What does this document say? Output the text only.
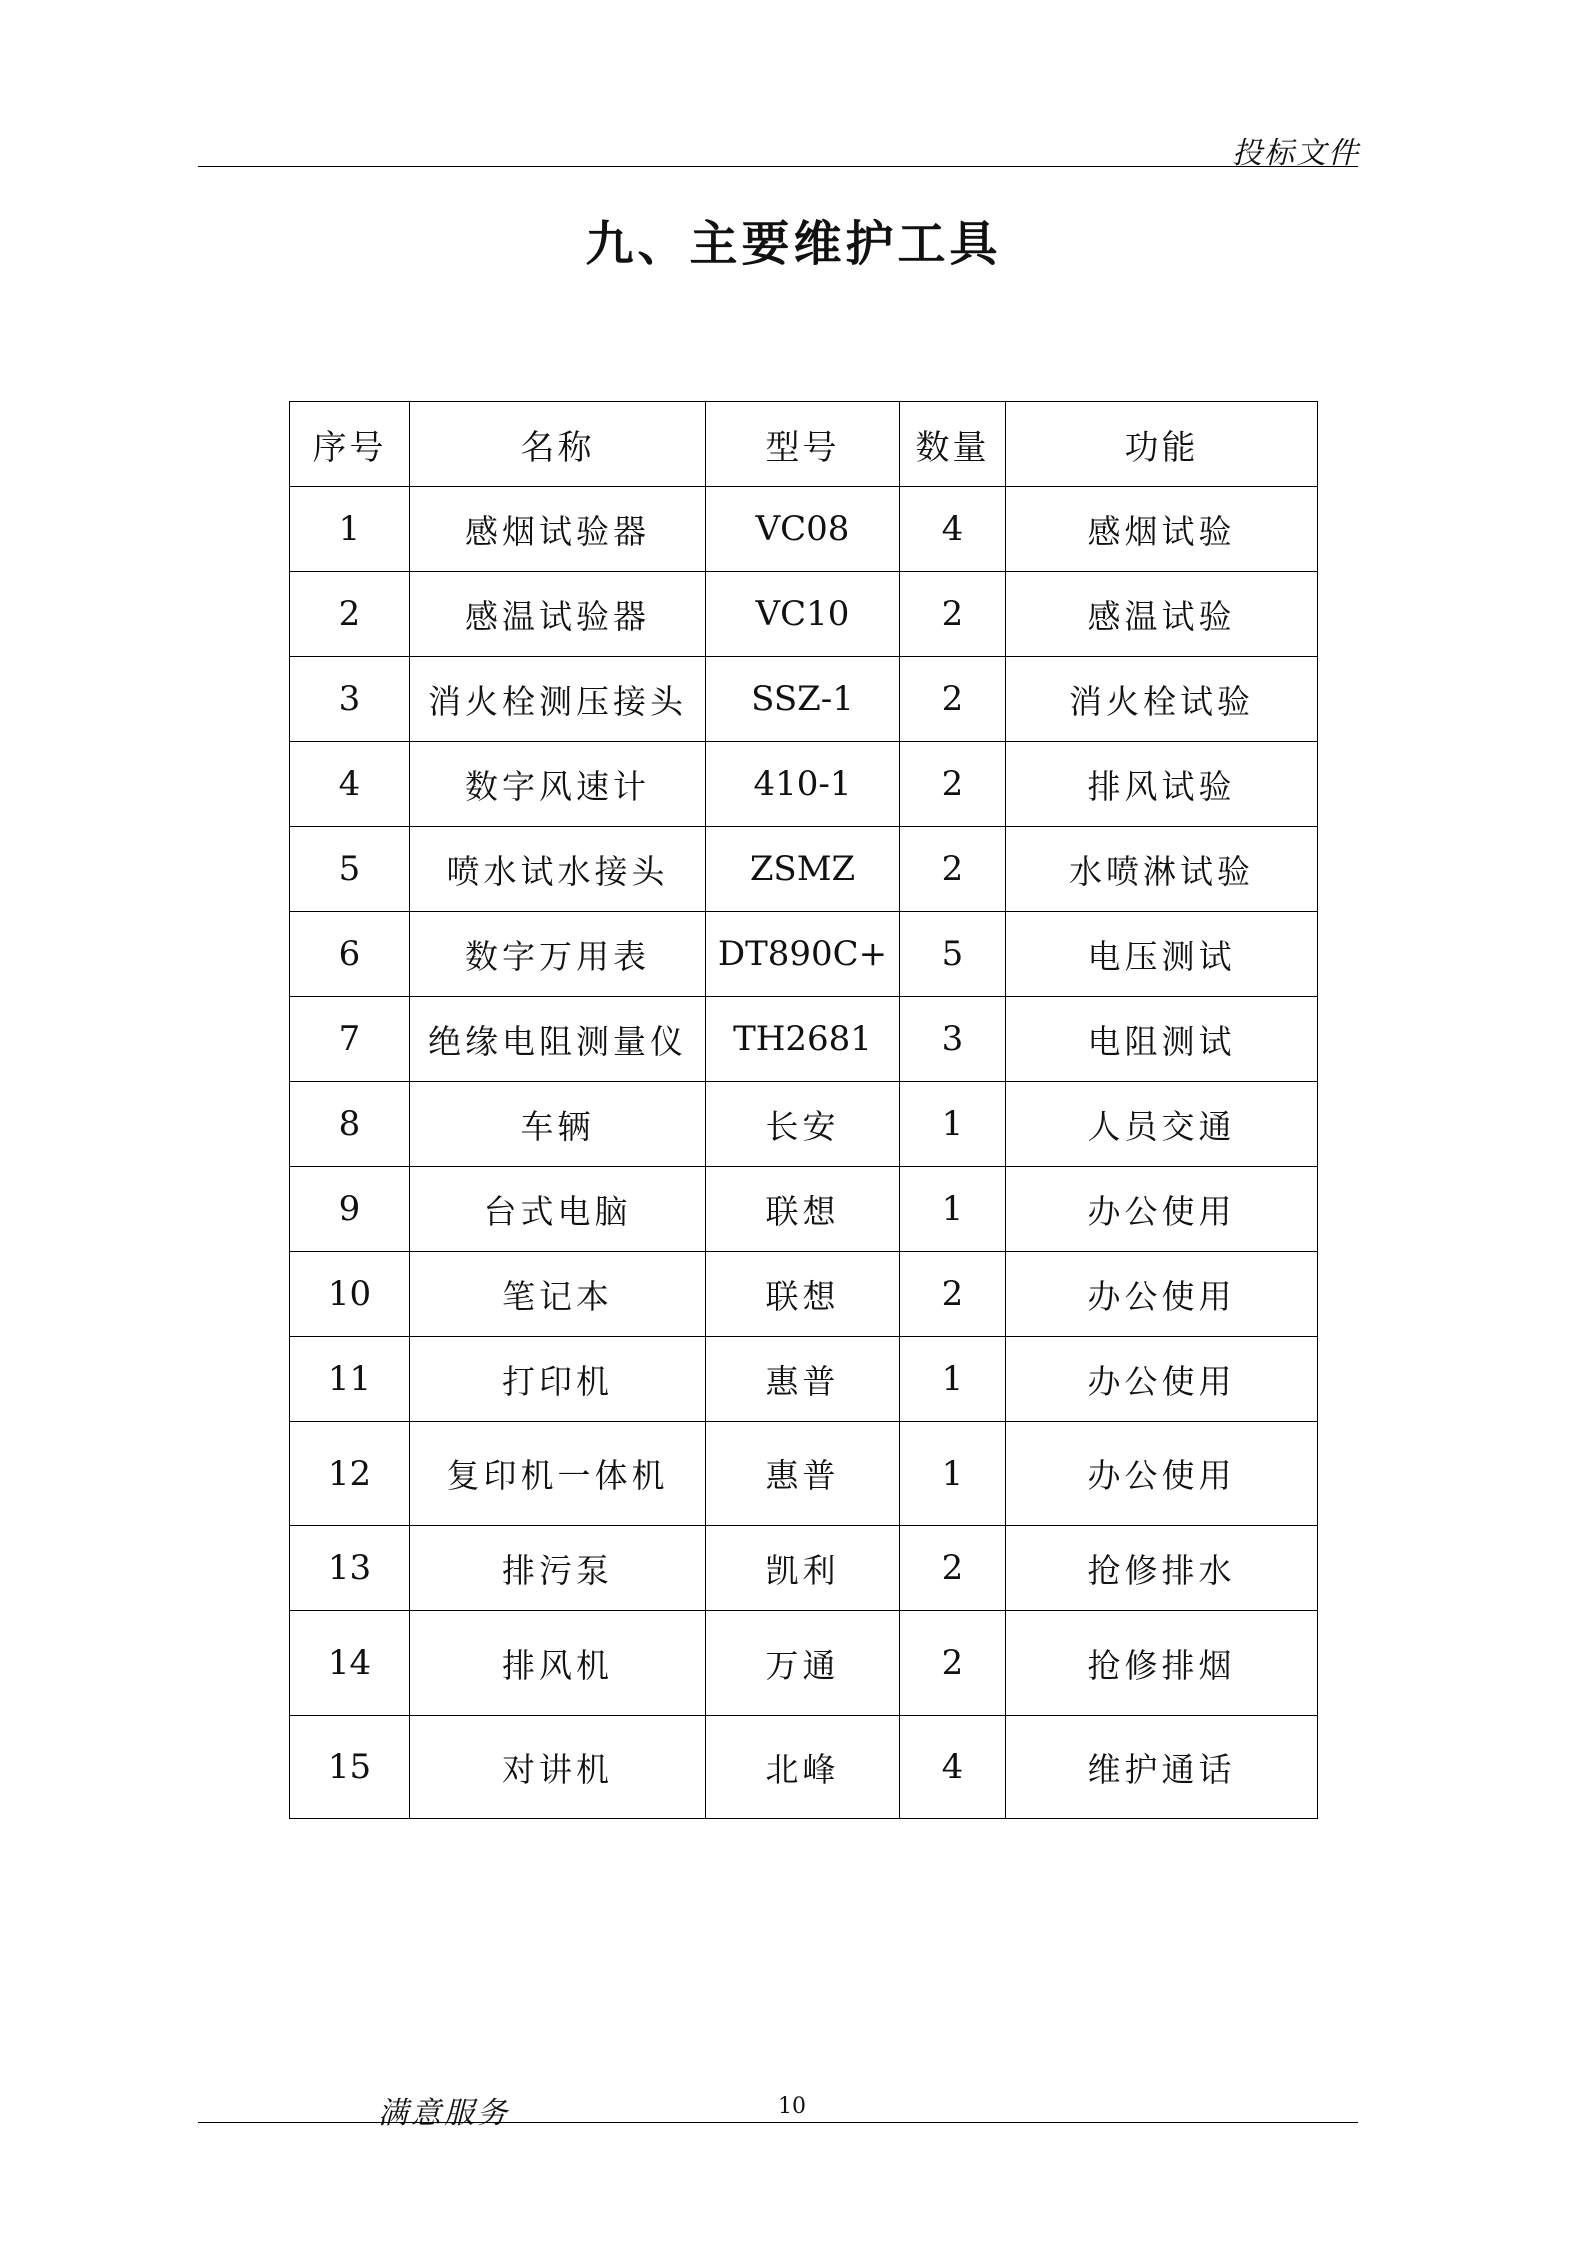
投标文件
九、主要维护工具
序号	名称	型号	数量	功能
1	感烟试验器	VC08	4	感烟试验
2	感温试验器	VC10	2	感温试验
3	消火栓测压接头	SSZ-1	2	消火栓试验
4	数字风速计	410-1	2	排风试验
5	喷水试水接头	ZSMZ	2	水喷淋试验
6	数字万用表	DT890C+	5	电压测试
7	绝缘电阻测量仪	TH2681	3	电阻测试
8	车辆	长安	1	人员交通
9	台式电脑	联想	1	办公使用
10	笔记本	联想	2	办公使用
11	打印机	惠普	1	办公使用
12	复印机一体机	惠普	1	办公使用
13	排污泵	凯利	2	抢修排水
14	排风机	万通	2	抢修排烟
15	对讲机	北峰	4	维护通话
满意服务	10
